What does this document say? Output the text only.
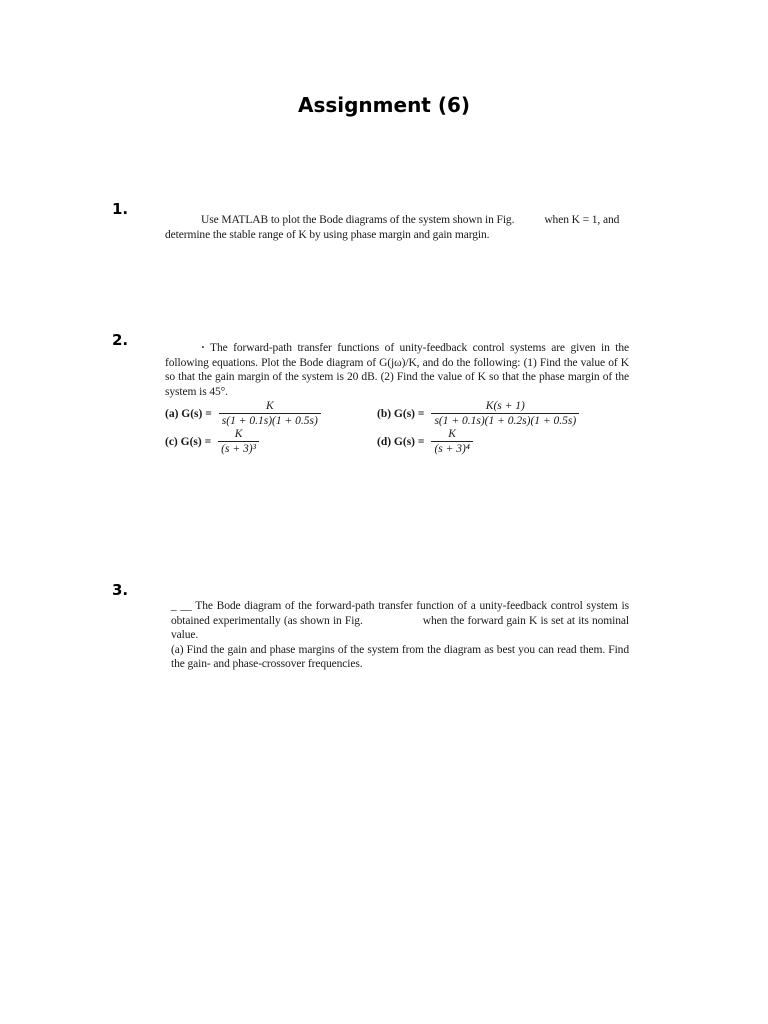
Assignment (6)
1.

Use MATLAB to plot the Bode diagrams of the system shown in Fig.	when K = 1, and

determine the stable range of K by using phase margin and gain margin.

2.	· The forward-path transfer functions of unity-feedback control systems are given in the following equations. Plot the Bode diagram of G(jω)/K, and do the following: (1) Find the value of K so that the gain margin of the system is 20 dB. (2) Find the value of K so that the phase margin of the system is 45°.

(a) $G(s) = \frac{K}{s(1 + 0.1s)(1 + 0.5s)}$	(b) $G(s) = \frac{K(s + 1)}{s(1 + 0.1s)(1 + 0.2s)(1 + 0.5s)}$
(c) $G(s) = \frac{K}{\text{(s + 3)³}}$	(d) $G(s) = \frac{K}{\text{(s + 3)⁴}}$
3.

_ __ The Bode diagram of the forward-path transfer function of a unity-feedback control system is obtained experimentally (as shown in Fig.	when the forward gain K is set at its nominal value.

(a) Find the gain and phase margins of the system from the diagram as best you can read them. Find the gain- and phase-crossover frequencies.
